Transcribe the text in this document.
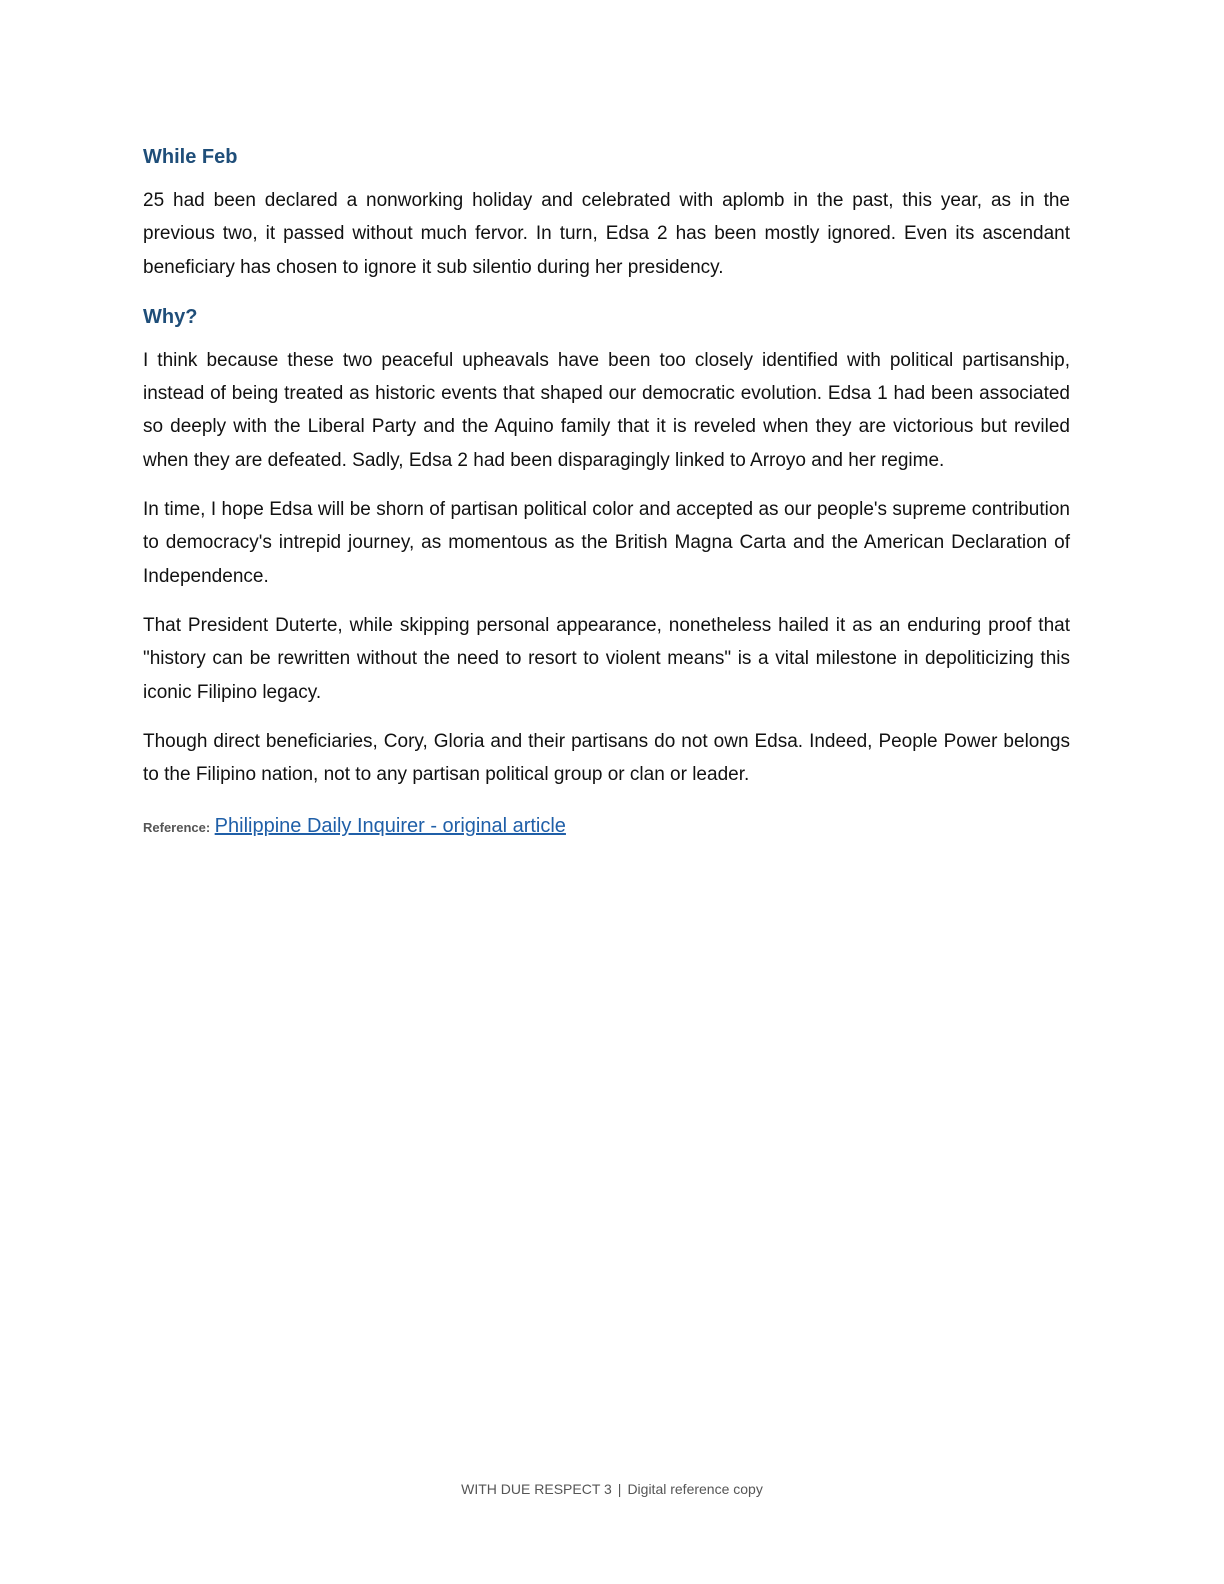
While Feb

25 had been declared a nonworking holiday and celebrated with aplomb in the past, this year, as in the previous two, it passed without much fervor. In turn, Edsa 2 has been mostly ignored. Even its ascendant beneficiary has chosen to ignore it sub silentio during her presidency.

Why?

I think because these two peaceful upheavals have been too closely identified with political partisanship, instead of being treated as historic events that shaped our democratic evolution. Edsa 1 had been associated so deeply with the Liberal Party and the Aquino family that it is reveled when they are victorious but reviled when they are defeated. Sadly, Edsa 2 had been disparagingly linked to Arroyo and her regime.

In time, I hope Edsa will be shorn of partisan political color and accepted as our people's supreme contribution to democracy's intrepid journey, as momentous as the British Magna Carta and the American Declaration of Independence.

That President Duterte, while skipping personal appearance, nonetheless hailed it as an enduring proof that "history can be rewritten without the need to resort to violent means" is a vital milestone in depoliticizing this iconic Filipino legacy.

Though direct beneficiaries, Cory, Gloria and their partisans do not own Edsa. Indeed, People Power belongs to the Filipino nation, not to any partisan political group or clan or leader.

Reference: Philippine Daily Inquirer - original article
WITH DUE RESPECT 3 | Digital reference copy
